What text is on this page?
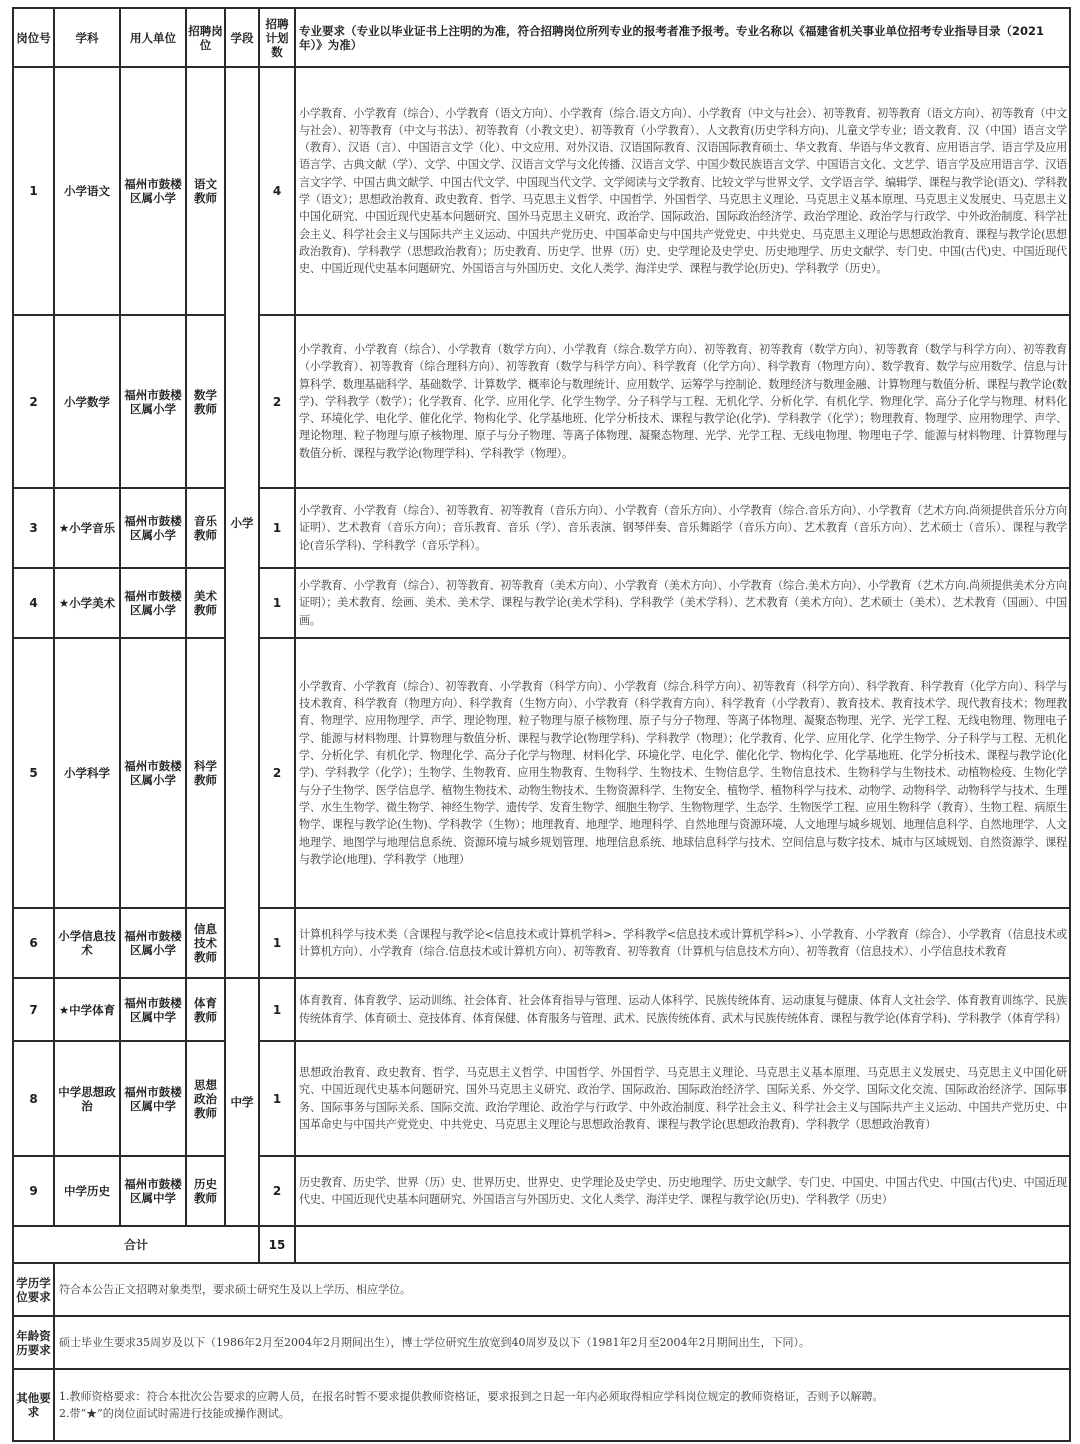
岗位号	学科	用人单位	招聘岗位	学段	招聘计划数	专业要求（专业以毕业证书上注明的为准，符合招聘岗位所列专业的报考者准予报考。专业名称以《福建省机关事业单位招考专业指导目录（2021年）》为准）
1	小学语文	福州市鼓楼区属小学	语文教师	小学	4	小学教育、小学教育（综合）、小学教育（语文方向）、小学教育（综合.语文方向）、小学教育（中文与社会）、初等教育、初等教育（语文方向）、初等教育（中文与社会）、初等教育（中文与书法）、初等教育（小教文史）、初等教育（小学教育）、人文教育(历史学科方向)、儿童文学专业；语文教育、汉（中国）语言文学（教育）、汉语（言）、中国语言文学（化）、中文应用、对外汉语、汉语国际教育、汉语国际教育硕士、华文教育、华语与华文教育、应用语言学、语言学及应用语言学、古典文献（学）、文学、中国文学、汉语言文学与文化传播、汉语言文学、中国少数民族语言文学、中国语言文化、文艺学、语言学及应用语言学、汉语言文字学、中国古典文献学、中国古代文学、中国现当代文学、文学阅读与文学教育、比较文学与世界文学、文学语言学、编辑学、课程与教学论(语文)、学科教学（语文）；思想政治教育、政史教育、哲学、马克思主义哲学、中国哲学、外国哲学、马克思主义理论、马克思主义基本原理、马克思主义发展史、马克思主义中国化研究、中国近现代史基本问题研究、国外马克思主义研究、政治学、国际政治、国际政治经济学、政治学理论、政治学与行政学、中外政治制度、科学社会主义、科学社会主义与国际共产主义运动、中国共产党历史、中国革命史与中国共产党党史、中共党史、马克思主义理论与思想政治教育、课程与教学论(思想政治教育)、学科教学（思想政治教育）；历史教育、历史学、世界（历）史、史学理论及史学史、历史地理学、历史文献学、专门史、中国(古代)史、中国近现代史、中国近现代史基本问题研究、外国语言与外国历史、文化人类学、海洋史学、课程与教学论(历史)、学科教学（历史）。
2	小学数学	福州市鼓楼区属小学	数学教师		2	小学教育、小学教育（综合）、小学教育（数学方向）、小学教育（综合.数学方向）、初等教育、初等教育（数学方向）、初等教育（数学与科学方向）、初等教育（小学教育）、初等教育（综合理科方向）、初等教育（数学与科学方向）、科学教育（化学方向）、科学教育（物理方向）、数学教育、数学与应用数学、信息与计算科学、数理基础科学、基础数学、计算数学、概率论与数理统计、应用数学、运筹学与控制论、数理经济与数理金融、计算物理与数值分析、课程与教学论(数学)、学科教学（数学）；化学教育、化学、应用化学、化学生物学、分子科学与工程、无机化学、分析化学、有机化学、物理化学、高分子化学与物理、材料化学、环境化学、电化学、催化化学、物构化学、化学基地班、化学分析技术、课程与教学论(化学)、学科教学（化学）；物理教育、物理学、应用物理学、声学、理论物理、粒子物理与原子核物理、原子与分子物理、等离子体物理、凝聚态物理、光学、光学工程、无线电物理、物理电子学、能源与材料物理、计算物理与数值分析、课程与教学论(物理学科)、学科教学（物理）。
3	★小学音乐	福州市鼓楼区属小学	音乐教师		1	小学教育、小学教育（综合）、初等教育、初等教育（音乐方向）、小学教育（音乐方向）、小学教育（综合.音乐方向）、小学教育（艺术方向.尚须提供音乐分方向证明）、艺术教育（音乐方向）；音乐教育、音乐（学）、音乐表演、钢琴伴奏、音乐舞蹈学（音乐方向）、艺术教育（音乐方向）、艺术硕士（音乐）、课程与教学论(音乐学科)、学科教学（音乐学科）。
4	★小学美术	福州市鼓楼区属小学	美术教师		1	小学教育、小学教育（综合）、初等教育、初等教育（美术方向）、小学教育（美术方向）、小学教育（综合.美术方向）、小学教育（艺术方向.尚须提供美术分方向证明）；美术教育、绘画、美术、美术学、课程与教学论(美术学科)、学科教学（美术学科）、艺术教育（美术方向）、艺术硕士（美术）、艺术教育（国画）、中国画。
5	小学科学	福州市鼓楼区属小学	科学教师		2	小学教育、小学教育（综合）、初等教育、小学教育（科学方向）、小学教育（综合.科学方向）、初等教育（科学方向）、科学教育、科学教育（化学方向）、科学与技术教育、科学教育（物理方向）、科学教育（生物方向）、小学教育（科学教育方向）、科学教育（小学教育）、教育技术、教育技术学、现代教育技术；物理教育、物理学、应用物理学、声学、理论物理、粒子物理与原子核物理、原子与分子物理、等离子体物理、凝聚态物理、光学、光学工程、无线电物理、物理电子学、能源与材料物理、计算物理与数值分析、课程与教学论(物理学科)、学科教学（物理）；化学教育、化学、应用化学、化学生物学、分子科学与工程、无机化学、分析化学、有机化学、物理化学、高分子化学与物理、材料化学、环境化学、电化学、催化化学、物构化学、化学基地班、化学分析技术、课程与教学论(化学)、学科教学（化学）；生物学、生物教育、应用生物教育、生物科学、生物技术、生物信息学、生物信息技术、生物科学与生物技术、动植物检疫、生物化学与分子生物学、医学信息学、植物生物技术、动物生物技术、生物资源科学、生物安全、植物学、植物科学与技术、动物学、动物科学、动物科学与技术、生理学、水生生物学、微生物学、神经生物学、遗传学、发育生物学、细胞生物学、生物物理学、生态学、生物医学工程、应用生物科学（教育）、生物工程、病原生物学、课程与教学论(生物)、学科教学（生物）；地理教育、地理学、地理科学、自然地理与资源环境、人文地理与城乡规划、地理信息科学、自然地理学、人文地理学、地图学与地理信息系统、资源环境与城乡规划管理、地理信息系统、地球信息科学与技术、空间信息与数字技术、城市与区域规划、自然资源学、课程与教学论(地理)、学科教学（地理）
6	小学信息技术	福州市鼓楼区属小学	信息技术教师		1	计算机科学与技术类（含课程与教学论<信息技术或计算机学科>、学科教学<信息技术或计算机学科>）、小学教育、小学教育（综合）、小学教育（信息技术或计算机方向）、小学教育（综合.信息技术或计算机方向）、初等教育、初等教育（计算机与信息技术方向）、初等教育（信息技术）、小学信息技术教育
7	★中学体育	福州市鼓楼区属中学	体育教师	中学	1	体育教育、体育教学、运动训练、社会体育、社会体育指导与管理、运动人体科学、民族传统体育、运动康复与健康、体育人文社会学、体育教育训练学、民族传统体育学、体育硕士、竞技体育、体育保健、体育服务与管理、武术、民族传统体育、武术与民族传统体育、课程与教学论(体育学科)、学科教学（体育学科）
8	中学思想政治	福州市鼓楼区属中学	思想政治教师		1	思想政治教育、政史教育、哲学、马克思主义哲学、中国哲学、外国哲学、马克思主义理论、马克思主义基本原理、马克思主义发展史、马克思主义中国化研究、中国近现代史基本问题研究、国外马克思主义研究、政治学、国际政治、国际政治经济学、国际关系、外交学、国际文化交流、国际政治经济学、国际事务、国际事务与国际关系、国际交流、政治学理论、政治学与行政学、中外政治制度、科学社会主义、科学社会主义与国际共产主义运动、中国共产党历史、中国革命史与中国共产党党史、中共党史、马克思主义理论与思想政治教育、课程与教学论(思想政治教育)、学科教学（思想政治教育）
9	中学历史	福州市鼓楼区属中学	历史教师		2	历史教育、历史学、世界（历）史、世界历史、世界史、史学理论及史学史、历史地理学、历史文献学、专门史、中国史、中国古代史、中国(古代)史、中国近现代史、中国近现代史基本问题研究、外国语言与外国历史、文化人类学、海洋史学、课程与教学论(历史)、学科教学（历史）
合计					15	
学历学位要求	符合本公告正文招聘对象类型，要求硕士研究生及以上学历、相应学位。					
年龄资历要求	硕士毕业生要求35周岁及以下（1986年2月至2004年2月期间出生），博士学位研究生放宽到40周岁及以下（1981年2月至2004年2月期间出生，下同）。					
其他要求	1.教师资格要求：符合本批次公告要求的应聘人员，在报名时暂不要求提供教师资格证，要求报到之日起一年内必须取得相应学科岗位规定的教师资格证，否则予以解聘。
2.带“★”的岗位面试时需进行技能或操作测试。					
